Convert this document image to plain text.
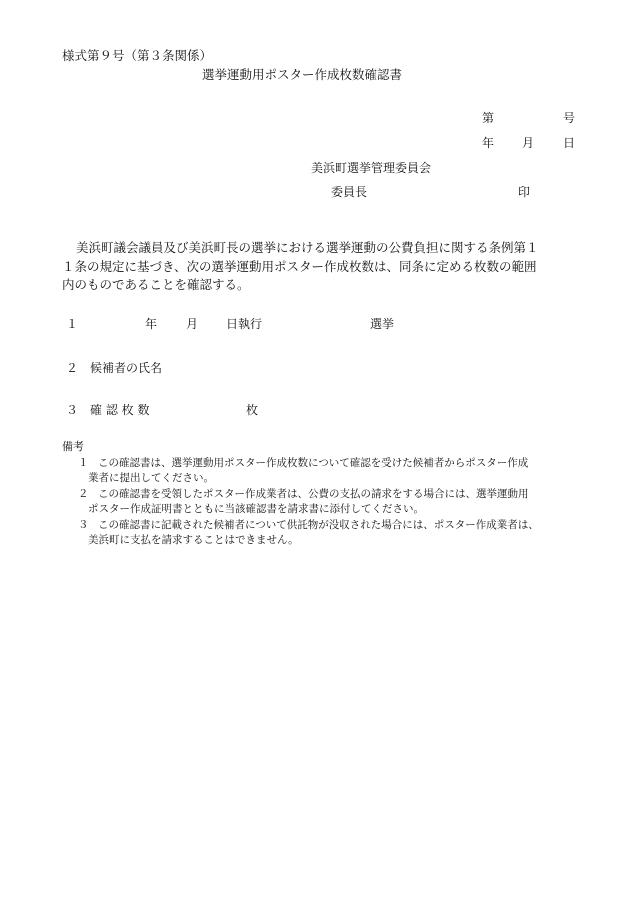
様式第９号（第３条関係）
選挙運動用ポスター作成枚数確認書
第	号
年 月 日
美浜町選挙管理委員会
委員長	印
美浜町議会議員及び美浜町長の選挙における選挙運動の公費負担に関する条例第１
１条の規定に基づき、次の選挙運動用ポスター作成枚数は、同条に定める枚数の範囲
内のものであることを確認する。
１	年 月 日執行	選挙
２ 候補者の氏名
３ 確 認 枚 数	枚
備考
１ この確認書は、選挙運動用ポスター作成枚数について確認を受けた候補者からポスター作成
業者に提出してください。
２ この確認書を受領したポスター作成業者は、公費の支払の請求をする場合には、選挙運動用
ポスター作成証明書とともに当該確認書を請求書に添付してください。
３ この確認書に記載された候補者について供託物が没収された場合には、ポスター作成業者は、
美浜町に支払を請求することはできません。
